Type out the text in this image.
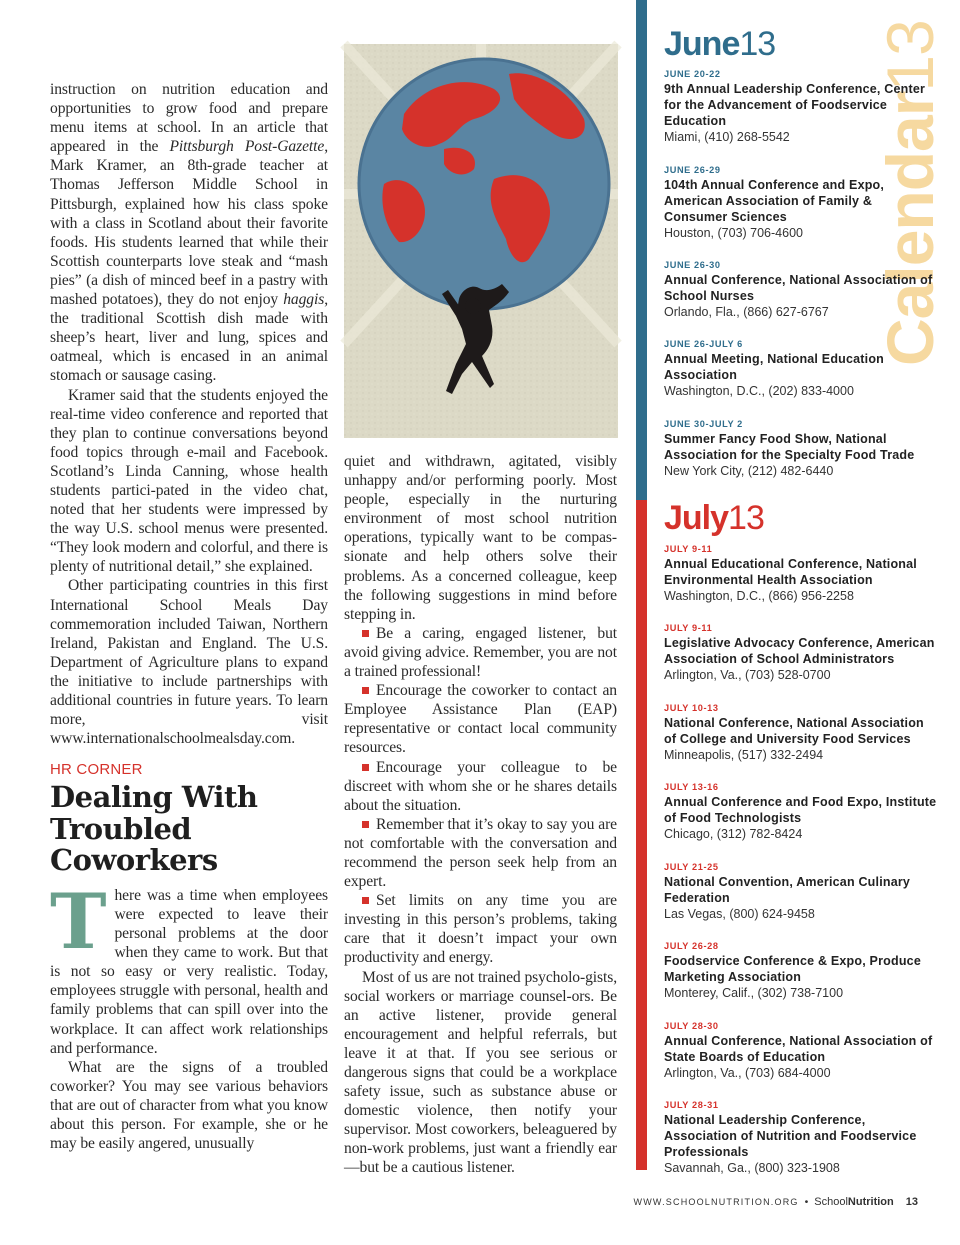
instruction on nutrition education and opportunities to grow food and prepare menu items at school. In an article that appeared in the Pittsburgh Post-Gazette, Mark Kramer, an 8th-grade teacher at Thomas Jefferson Middle School in Pittsburgh, explained how his class spoke with a class in Scotland about their favorite foods. His students learned that while their Scottish counterparts love steak and “mash pies” (a dish of minced beef in a pastry with mashed potatoes), they do not enjoy haggis, the traditional Scottish dish made with sheep’s heart, liver and lung, spices and oatmeal, which is encased in an animal stomach or sausage casing.

Kramer said that the students enjoyed the real-time video conference and reported that they plan to continue conversations beyond food topics through e-mail and Facebook. Scotland’s Linda Canning, whose health students partici-pated in the video chat, noted that her students were impressed by the way U.S. school menus were presented. “They look modern and colorful, and there is plenty of nutritional detail,” she explained.

Other participating countries in this first International School Meals Day commemoration included Taiwan, Northern Ireland, Pakistan and England. The U.S. Department of Agriculture plans to expand the initiative to include partnerships with additional countries in future years. To learn more, visit www.internationalschoolmealsday.com.

HR CORNER
Dealing With Troubled Coworkers

There was a time when employees were expected to leave their personal problems at the door when they came to work. But that is not so easy or very realistic. Today, employees struggle with personal, health and family problems that can spill over into the workplace. It can affect work relationships and performance.

What are the signs of a troubled coworker? You may see various behaviors that are out of character from what you know about this person. For example, she or he may be easily angered, unusually

quiet and withdrawn, agitated, visibly unhappy and/or performing poorly. Most people, especially in the nurturing environment of most school nutrition operations, typically want to be compas-sionate and help others solve their problems. As a concerned colleague, keep the following suggestions in mind before stepping in.

Be a caring, engaged listener, but avoid giving advice. Remember, you are not a trained professional!

Encourage the coworker to contact an Employee Assistance Plan (EAP) representative or contact local community resources.

Encourage your colleague to be discreet with whom she or he shares details about the situation.

Remember that it’s okay to say you are not comfortable with the conversation and recommend the person seek help from an expert.

Set limits on any time you are investing in this person’s problems, taking care that it doesn’t impact your own productivity and energy.

Most of us are not trained psycholo-gists, social workers or marriage counsel-ors. Be an active listener, provide general encouragement and helpful referrals, but leave it at that. If you see serious or dangerous signs that could be a workplace safety issue, such as substance abuse or domestic violence, then notify your supervisor. Most coworkers, beleaguered by non-work problems, just want a friendly ear—but be a cautious listener.

Calendar13
June13
JUNE 20-22
9th Annual Leadership Conference, Center for the Advancement of Foodservice Education
Miami, (410) 268-5542
JUNE 26-29
104th Annual Conference and Expo, American Association of Family & Consumer Sciences
Houston, (703) 706-4600
JUNE 26-30
Annual Conference, National Association of School Nurses
Orlando, Fla., (866) 627-6767
JUNE 26-JULY 6
Annual Meeting, National Education Association
Washington, D.C., (202) 833-4000
JUNE 30-JULY 2
Summer Fancy Food Show, National Association for the Specialty Food Trade
New York City, (212) 482-6440
July13
JULY 9-11
Annual Educational Conference, National Environmental Health Association
Washington, D.C., (866) 956-2258
JULY 9-11
Legislative Advocacy Conference, American Association of School Administrators
Arlington, Va., (703) 528-0700
JULY 10-13
National Conference, National Association of College and University Food Services
Minneapolis, (517) 332-2494
JULY 13-16
Annual Conference and Food Expo, Institute of Food Technologists
Chicago, (312) 782-8424
JULY 21-25
National Convention, American Culinary Federation
Las Vegas, (800) 624-9458
JULY 26-28
Foodservice Conference & Expo, Produce Marketing Association
Monterey, Calif., (302) 738-7100
JULY 28-30
Annual Conference, National Association of State Boards of Education
Arlington, Va., (703) 684-4000
JULY 28-31
National Leadership Conference, Association of Nutrition and Foodservice Professionals
Savannah, Ga., (800) 323-1908
WWW.SCHOOLNUTRITION.ORG • SchoolNutrition 13
